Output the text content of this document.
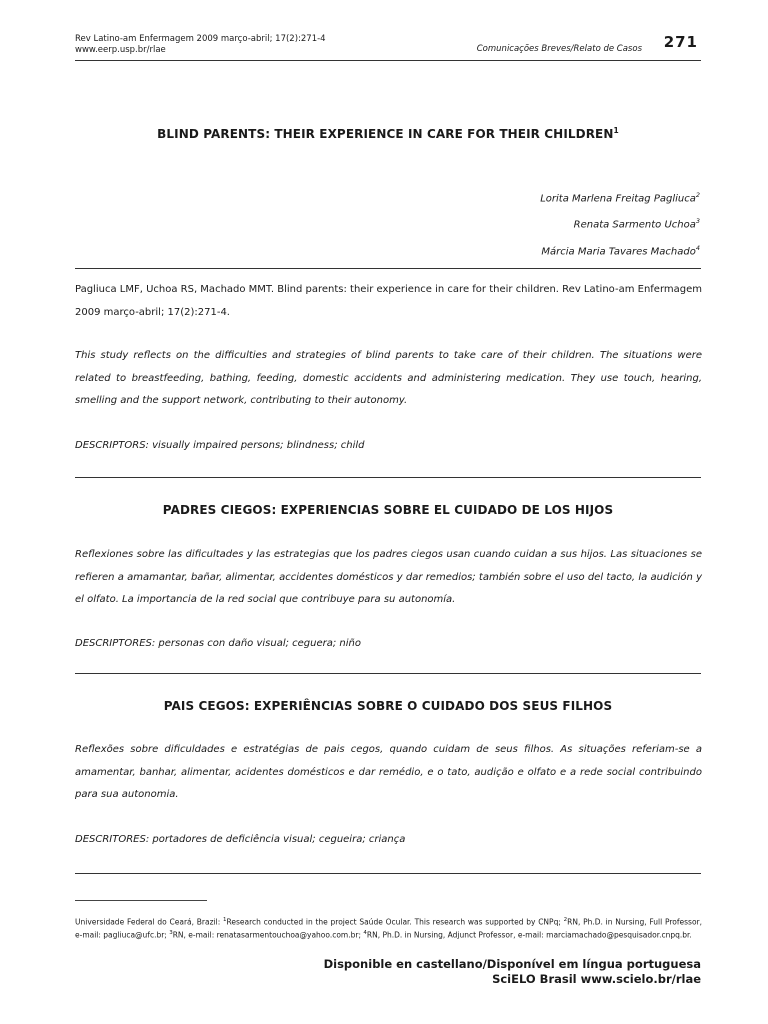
Rev Latino-am Enfermagem 2009 março-abril; 17(2):271-4
www.eerp.usp.br/rlae	Comunicações Breves/Relato de Casos 271
BLIND PARENTS: THEIR EXPERIENCE IN CARE FOR THEIR CHILDREN$^1$
Lorita Marlena Freitag Pagliuca$^2$
Renata Sarmento Uchoa$^3$
Márcia Maria Tavares Machado$^4$
Pagliuca LMF, Uchoa RS, Machado MMT. Blind parents: their experience in care for their children. Rev Latino-am Enfermagem 2009 março-abril; 17(2):271-4.
This study reflects on the difficulties and strategies of blind parents to take care of their children. The situations were related to breastfeeding, bathing, feeding, domestic accidents and administering medication. They use touch, hearing, smelling and the support network, contributing to their autonomy.
DESCRIPTORS: visually impaired persons; blindness; child
PADRES CIEGOS: EXPERIENCIAS SOBRE EL CUIDADO DE LOS HIJOS
Reflexiones sobre las dificultades y las estrategias que los padres ciegos usan cuando cuidan a sus hijos. Las situaciones se refieren a amamantar, bañar, alimentar, accidentes domésticos y dar remedios; también sobre el uso del tacto, la audición y el olfato. La importancia de la red social que contribuye para su autonomía.
DESCRIPTORES: personas con daño visual; ceguera; niño
PAIS CEGOS: EXPERIÊNCIAS SOBRE O CUIDADO DOS SEUS FILHOS
Reflexões sobre dificuldades e estratégias de pais cegos, quando cuidam de seus filhos. As situações referiam-se a amamentar, banhar, alimentar, acidentes domésticos e dar remédio, e o tato, audição e olfato e a rede social contribuindo para sua autonomia.
DESCRITORES: portadores de deficiência visual; cegueira; criança
Universidade Federal do Ceará, Brazil: $^1$Research conducted in the project Saúde Ocular. This research was supported by CNPq; $^2$RN, Ph.D. in Nursing, Full Professor, e-mail: pagliuca@ufc.br; $^3$RN, e-mail: renatasarmentouchoa@yahoo.com.br; $^4$RN, Ph.D. in Nursing, Adjunct Professor, e-mail: marciamachado@pesquisador.cnpq.br.
Disponible en castellano/Disponível em língua portuguesa
SciELO Brasil www.scielo.br/rlae
